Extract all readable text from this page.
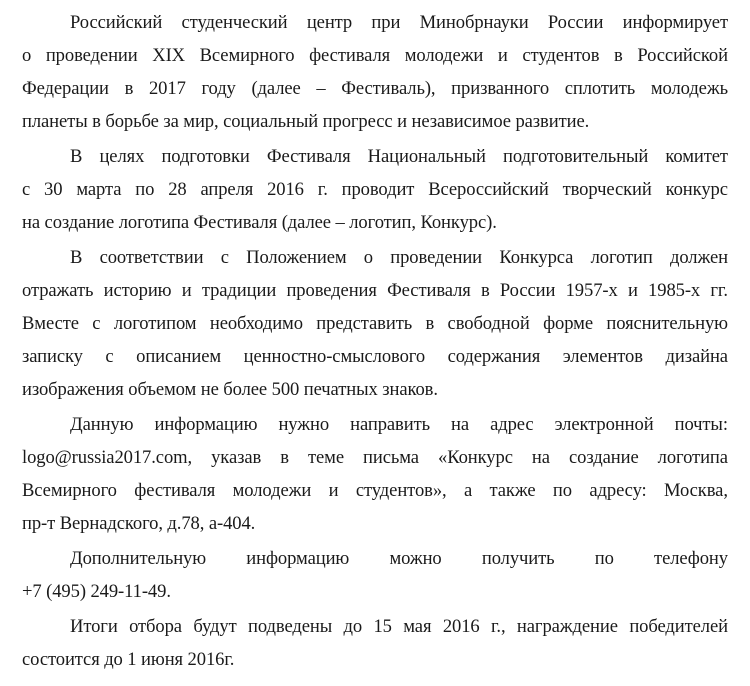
Российский студенческий центр при Минобрнауки России информирует
о проведении XIX Всемирного фестиваля молодежи и студентов в Российской
Федерации в 2017 году (далее – Фестиваль), призванного сплотить молодежь
планеты в борьбе за мир, социальный прогресс и независимое развитие.
В целях подготовки Фестиваля Национальный подготовительный комитет
с 30 марта по 28 апреля 2016 г. проводит Всероссийский творческий конкурс
на создание логотипа Фестиваля (далее – логотип, Конкурс).
В соответствии с Положением о проведении Конкурса логотип должен
отражать историю и традиции проведения Фестиваля в России 1957-х и 1985-х гг.
Вместе с логотипом необходимо представить в свободной форме пояснительную
записку с описанием ценностно-смыслового содержания элементов дизайна
изображения объемом не более 500 печатных знаков.
Данную информацию нужно направить на адрес электронной почты:
logo@russia2017.com, указав в теме письма «Конкурс на создание логотипа
Всемирного фестиваля молодежи и студентов», а также по адресу: Москва,
пр-т Вернадского, д.78, а-404.
Дополнительную информацию можно получить по телефону
+7 (495) 249-11-49.
Итоги отбора будут подведены до 15 мая 2016 г., награждение победителей
состоится до 1 июня 2016г.
